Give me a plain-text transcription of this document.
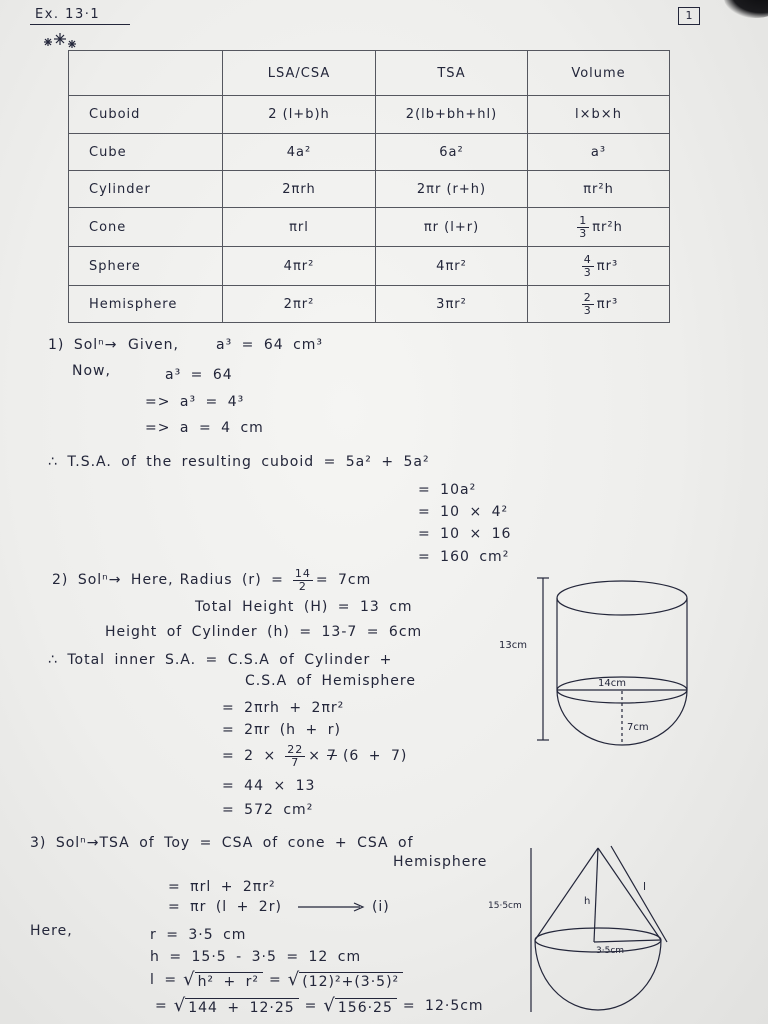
Ex. 13·1	1
	LSA/CSA	TSA	Volume
Cuboid	2 (l+b)h	2(lb+bh+hl)	l×b×h
Cube	4a²	6a²	a³
Cylinder	2πrh	2πr (r+h)	πr²h
Cone	πrl	πr (l+r)	$\frac{1}{3} \pi r^2h$
Sphere	4πr²	4πr²	$\frac{4}{3} \pi r^3$
Hemisphere	2πr²	3πr²	$\frac{2}{3} \pi r^3$
1) Solⁿ→ Given,	a³ = 64 cm³
Now,	a³ = 64
=> a³ = 4³
=> a = 4 cm
∴ T.S.A. of the resulting cuboid = 5a² + 5a²
= 10a²
= 10 × 4²
= 10 × 16
= 160 cm²
2) Solⁿ→ Here, Radius $(r) = \frac{14}{2} = 7cm$
Total Height (H) = 13 cm
Height of Cylinder (h) = 13-7 = 6cm
∴ Total inner S.A. = C.S.A of Cylinder +
C.S.A of Hemisphere
= 2πrh + 2πr²
= 2πr (h + r)
= $2 \times \frac{22}{7} \times 7$ (6 + 7)
= 44 × 13
= 572 cm²
13cm
14cm
7cm
3) Solⁿ→TSA of Toy = CSA of cone + CSA of
Hemisphere
= πrl + 2πr²
= πr (l + 2r)	(i)
Here,	r = 3·5 cm
h = 15·5 - 3·5 = 12 cm
l = √ h² + r² = √ (12)²+(3·5)²
= √ 144 + 12·25 = √ 156·25 = 12·5cm
15·5cm	h
3·5cm
l
